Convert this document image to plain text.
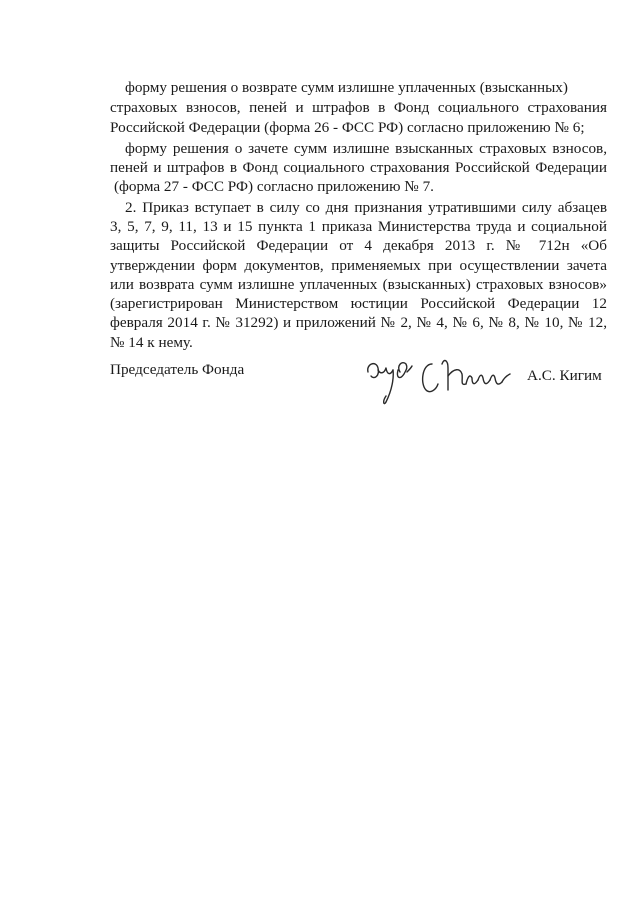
форму решения о возврате сумм излишне уплаченных (взысканных)
страховых взносов, пеней и штрафов в Фонд социального страхования
Российской Федерации (форма 26 - ФСС РФ) согласно приложению № 6;
форму решения о зачете сумм излишне взысканных страховых взносов,
пеней и штрафов в Фонд социального страхования Российской Федерации
(форма 27 - ФСС РФ) согласно приложению № 7.
2. Приказ вступает в силу со дня признания утратившими силу абзацев
3, 5, 7, 9, 11, 13 и 15 пункта 1 приказа Министерства труда и социальной
защиты Российской Федерации от 4 декабря 2013 г. № 712н «Об
утверждении форм документов, применяемых при осуществлении зачета
или возврата сумм излишне уплаченных (взысканных) страховых взносов»
(зарегистрирован Министерством юстиции Российской Федерации 12
февраля 2014 г. № 31292) и приложений № 2, № 4, № 6, № 8, № 10, № 12,
№ 14 к нему.
Председатель Фонда	А.С. Кигим
